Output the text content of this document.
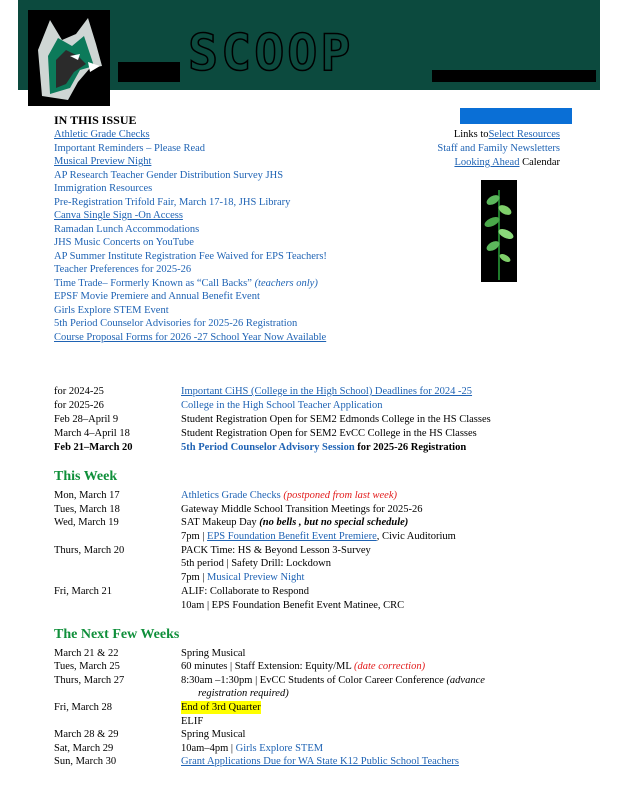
SCOOP
IN THIS ISSUE
Athletic Grade Checks
Important Reminders – Please Read
Musical Preview Night
AP Research Teacher Gender Distribution Survey JHS
Immigration Resources
Pre-Registration Trifold Fair, March 17-18, JHS Library
Canva Single Sign -On Access
Ramadan Lunch Accommodations
JHS Music Concerts on YouTube
AP Summer Institute Registration Fee Waived for EPS Teachers!
Teacher Preferences for 2025-26
Time Trade– Formerly Known as “Call Backs” (teachers only)
EPSF Movie Premiere and Annual Benefit Event
Girls Explore STEM Event
5th Period Counselor Advisories for 2025-26 Registration
Course Proposal Forms for 2026 -27 School Year Now Available
Links toSelect Resources
Staff and Family Newsletters
Looking Ahead Calendar
for 2024-25	Important CiHS (College in the High School) Deadlines for 2024 -25
for 2025-26	College in the High School Teacher Application
Feb 28–April 9	Student Registration Open for SEM2 Edmonds College in the HS Classes
March 4–April 18	Student Registration Open for SEM2 EvCC College in the HS Classes
Feb 21–March 20	5th Period Counselor Advisory Session for 2025-26 Registration
This Week
Mon, March 17	Athletics Grade Checks (postponed from last week)
Tues, March 18	Gateway Middle School Transition Meetings for 2025-26
Wed, March 19	SAT Makeup Day (no bells , but no special schedule)
7pm | EPS Foundation Benefit Event Premiere, Civic Auditorium
Thurs, March 20	PACK Time: HS & Beyond Lesson 3-Survey
5th period | Safety Drill: Lockdown
7pm | Musical Preview Night
Fri, March 21	ALIF: Collaborate to Respond
10am | EPS Foundation Benefit Event Matinee, CRC
The Next Few Weeks
March 21 & 22	Spring Musical
Tues, March 25	60 minutes | Staff Extension: Equity/ML (date correction)
Thurs, March 27	8:30am –1:30pm | EvCC Students of Color Career Conference (advance
registration required)
Fri, March 28	End of 3rd Quarter
ELIF
March 28 & 29	Spring Musical
Sat, March 29	10am–4pm | Girls Explore STEM
Sun, March 30	Grant Applications Due for WA State K12 Public School Teachers
